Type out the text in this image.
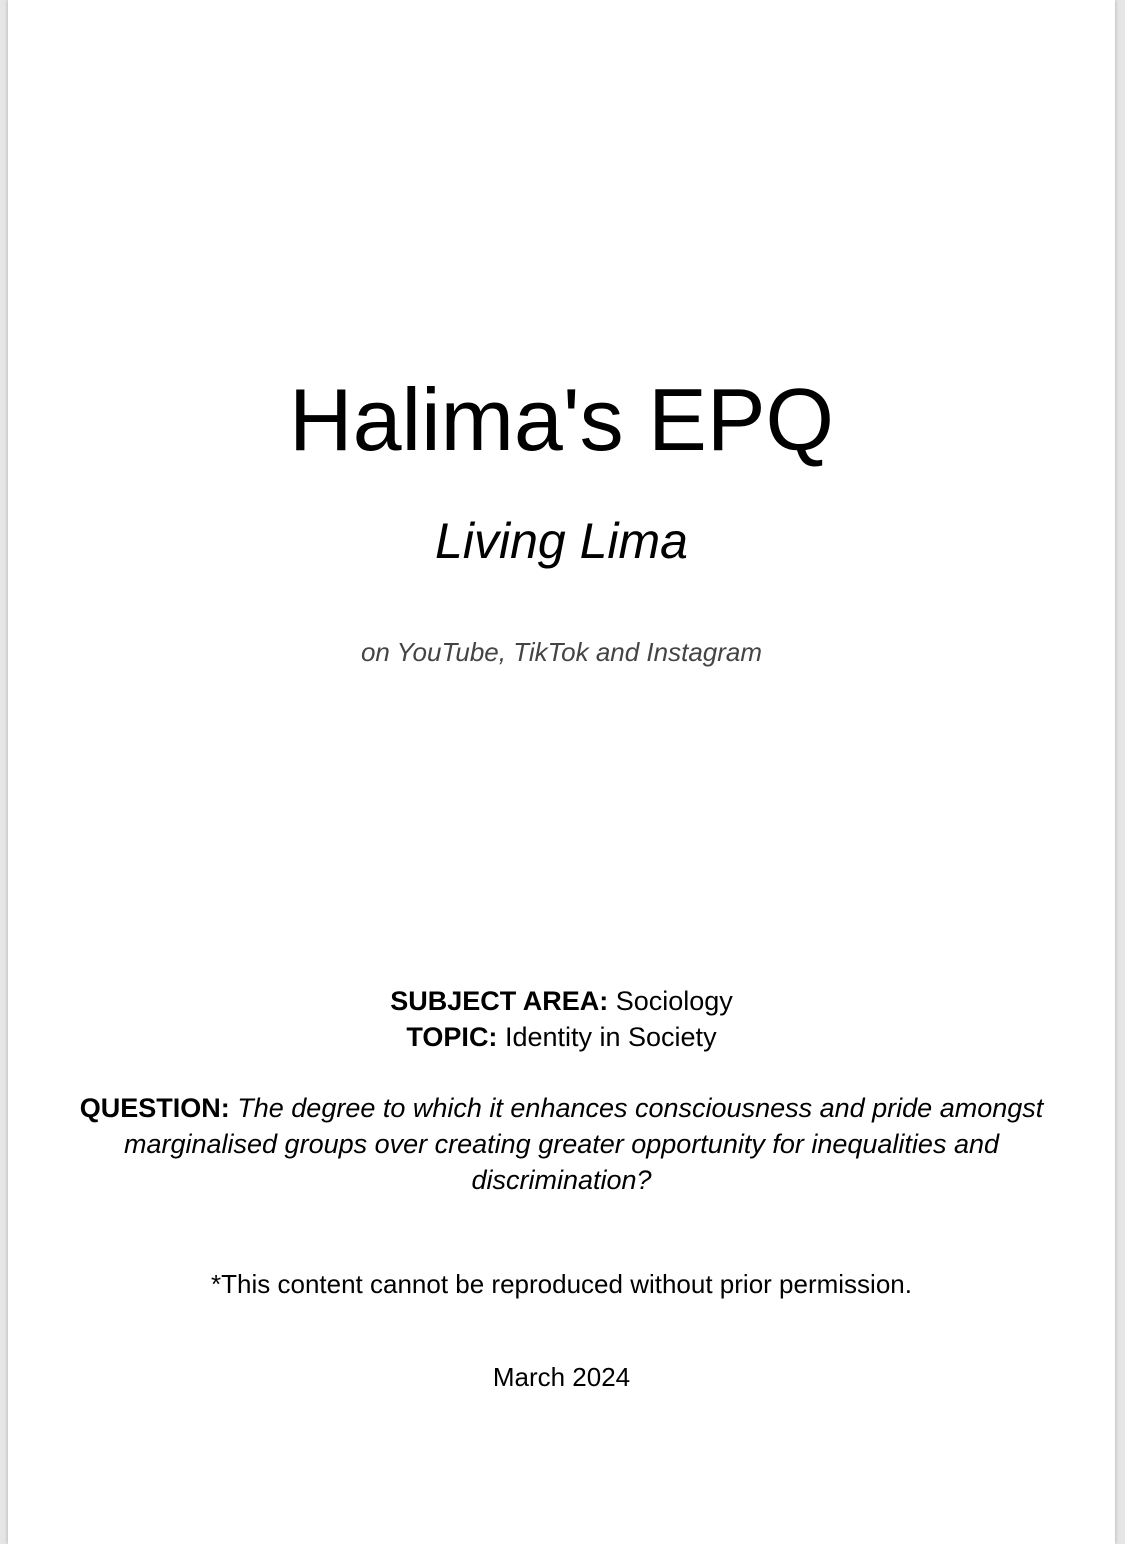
Halima's EPQ
Living Lima
on YouTube, TikTok and Instagram
SUBJECT AREA: Sociology
TOPIC: Identity in Society
QUESTION: The degree to which it enhances consciousness and pride amongst marginalised groups over creating greater opportunity for inequalities and discrimination?
*This content cannot be reproduced without prior permission.
March 2024
